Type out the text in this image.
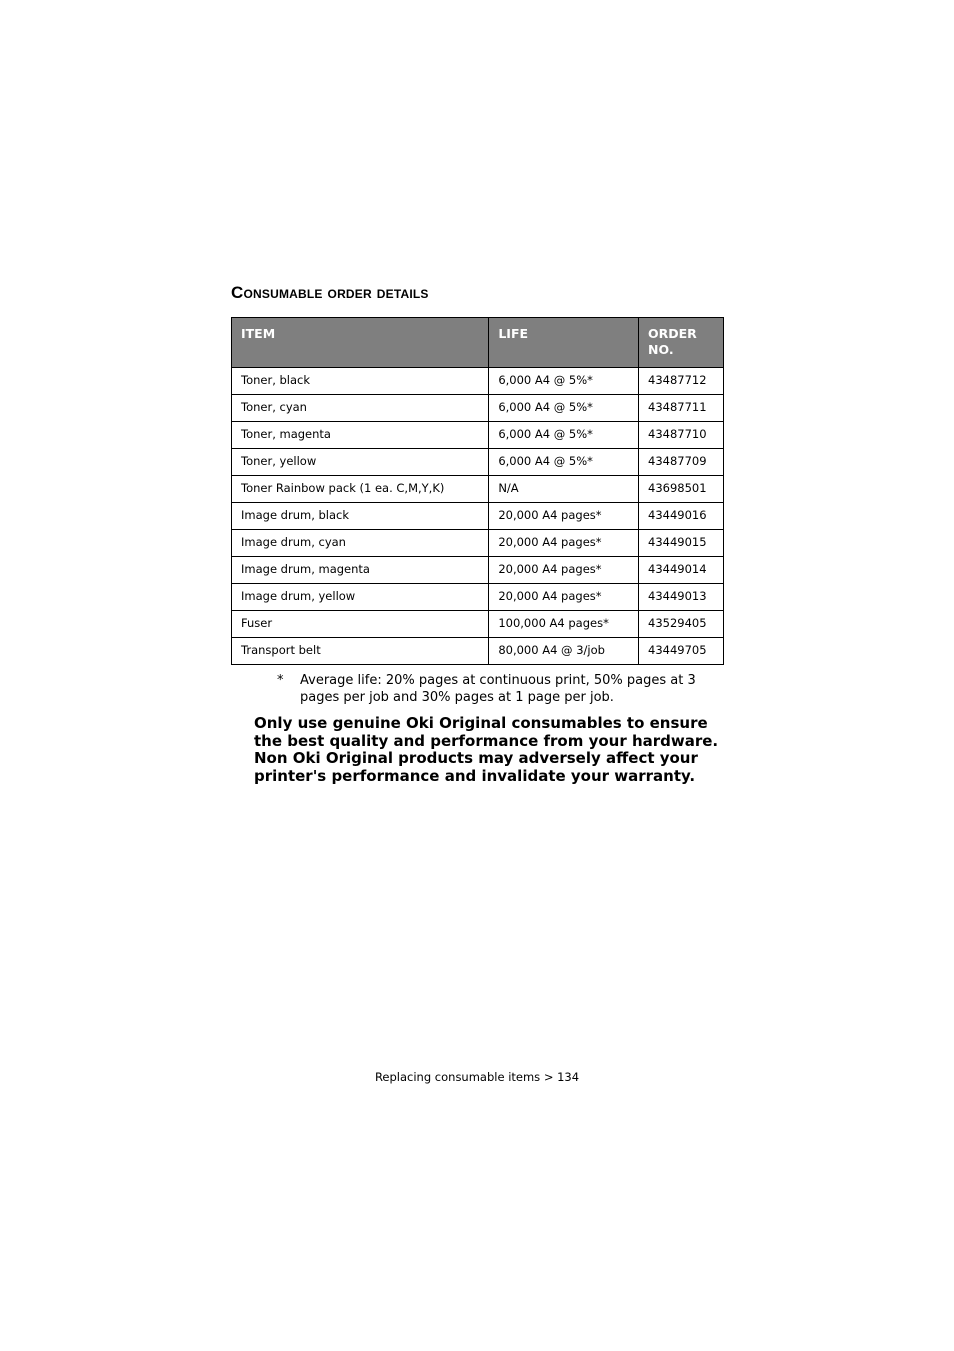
Consumable order details
ITEM	LIFE	ORDER NO.
Toner, black	6,000 A4 @ 5%*	43487712
Toner, cyan	6,000 A4 @ 5%*	43487711
Toner, magenta	6,000 A4 @ 5%*	43487710
Toner, yellow	6,000 A4 @ 5%*	43487709
Toner Rainbow pack (1 ea. C,M,Y,K)	N/A	43698501
Image drum, black	20,000 A4 pages*	43449016
Image drum, cyan	20,000 A4 pages*	43449015
Image drum, magenta	20,000 A4 pages*	43449014
Image drum, yellow	20,000 A4 pages*	43449013
Fuser	100,000 A4 pages*	43529405
Transport belt	80,000 A4 @ 3/job	43449705
* Average life: 20% pages at continuous print, 50% pages at 3 pages per job and 30% pages at 1 page per job.
Only use genuine Oki Original consumables to ensure the best quality and performance from your hardware. Non Oki Original products may adversely affect your printer's performance and invalidate your warranty.
Replacing consumable items > 134
